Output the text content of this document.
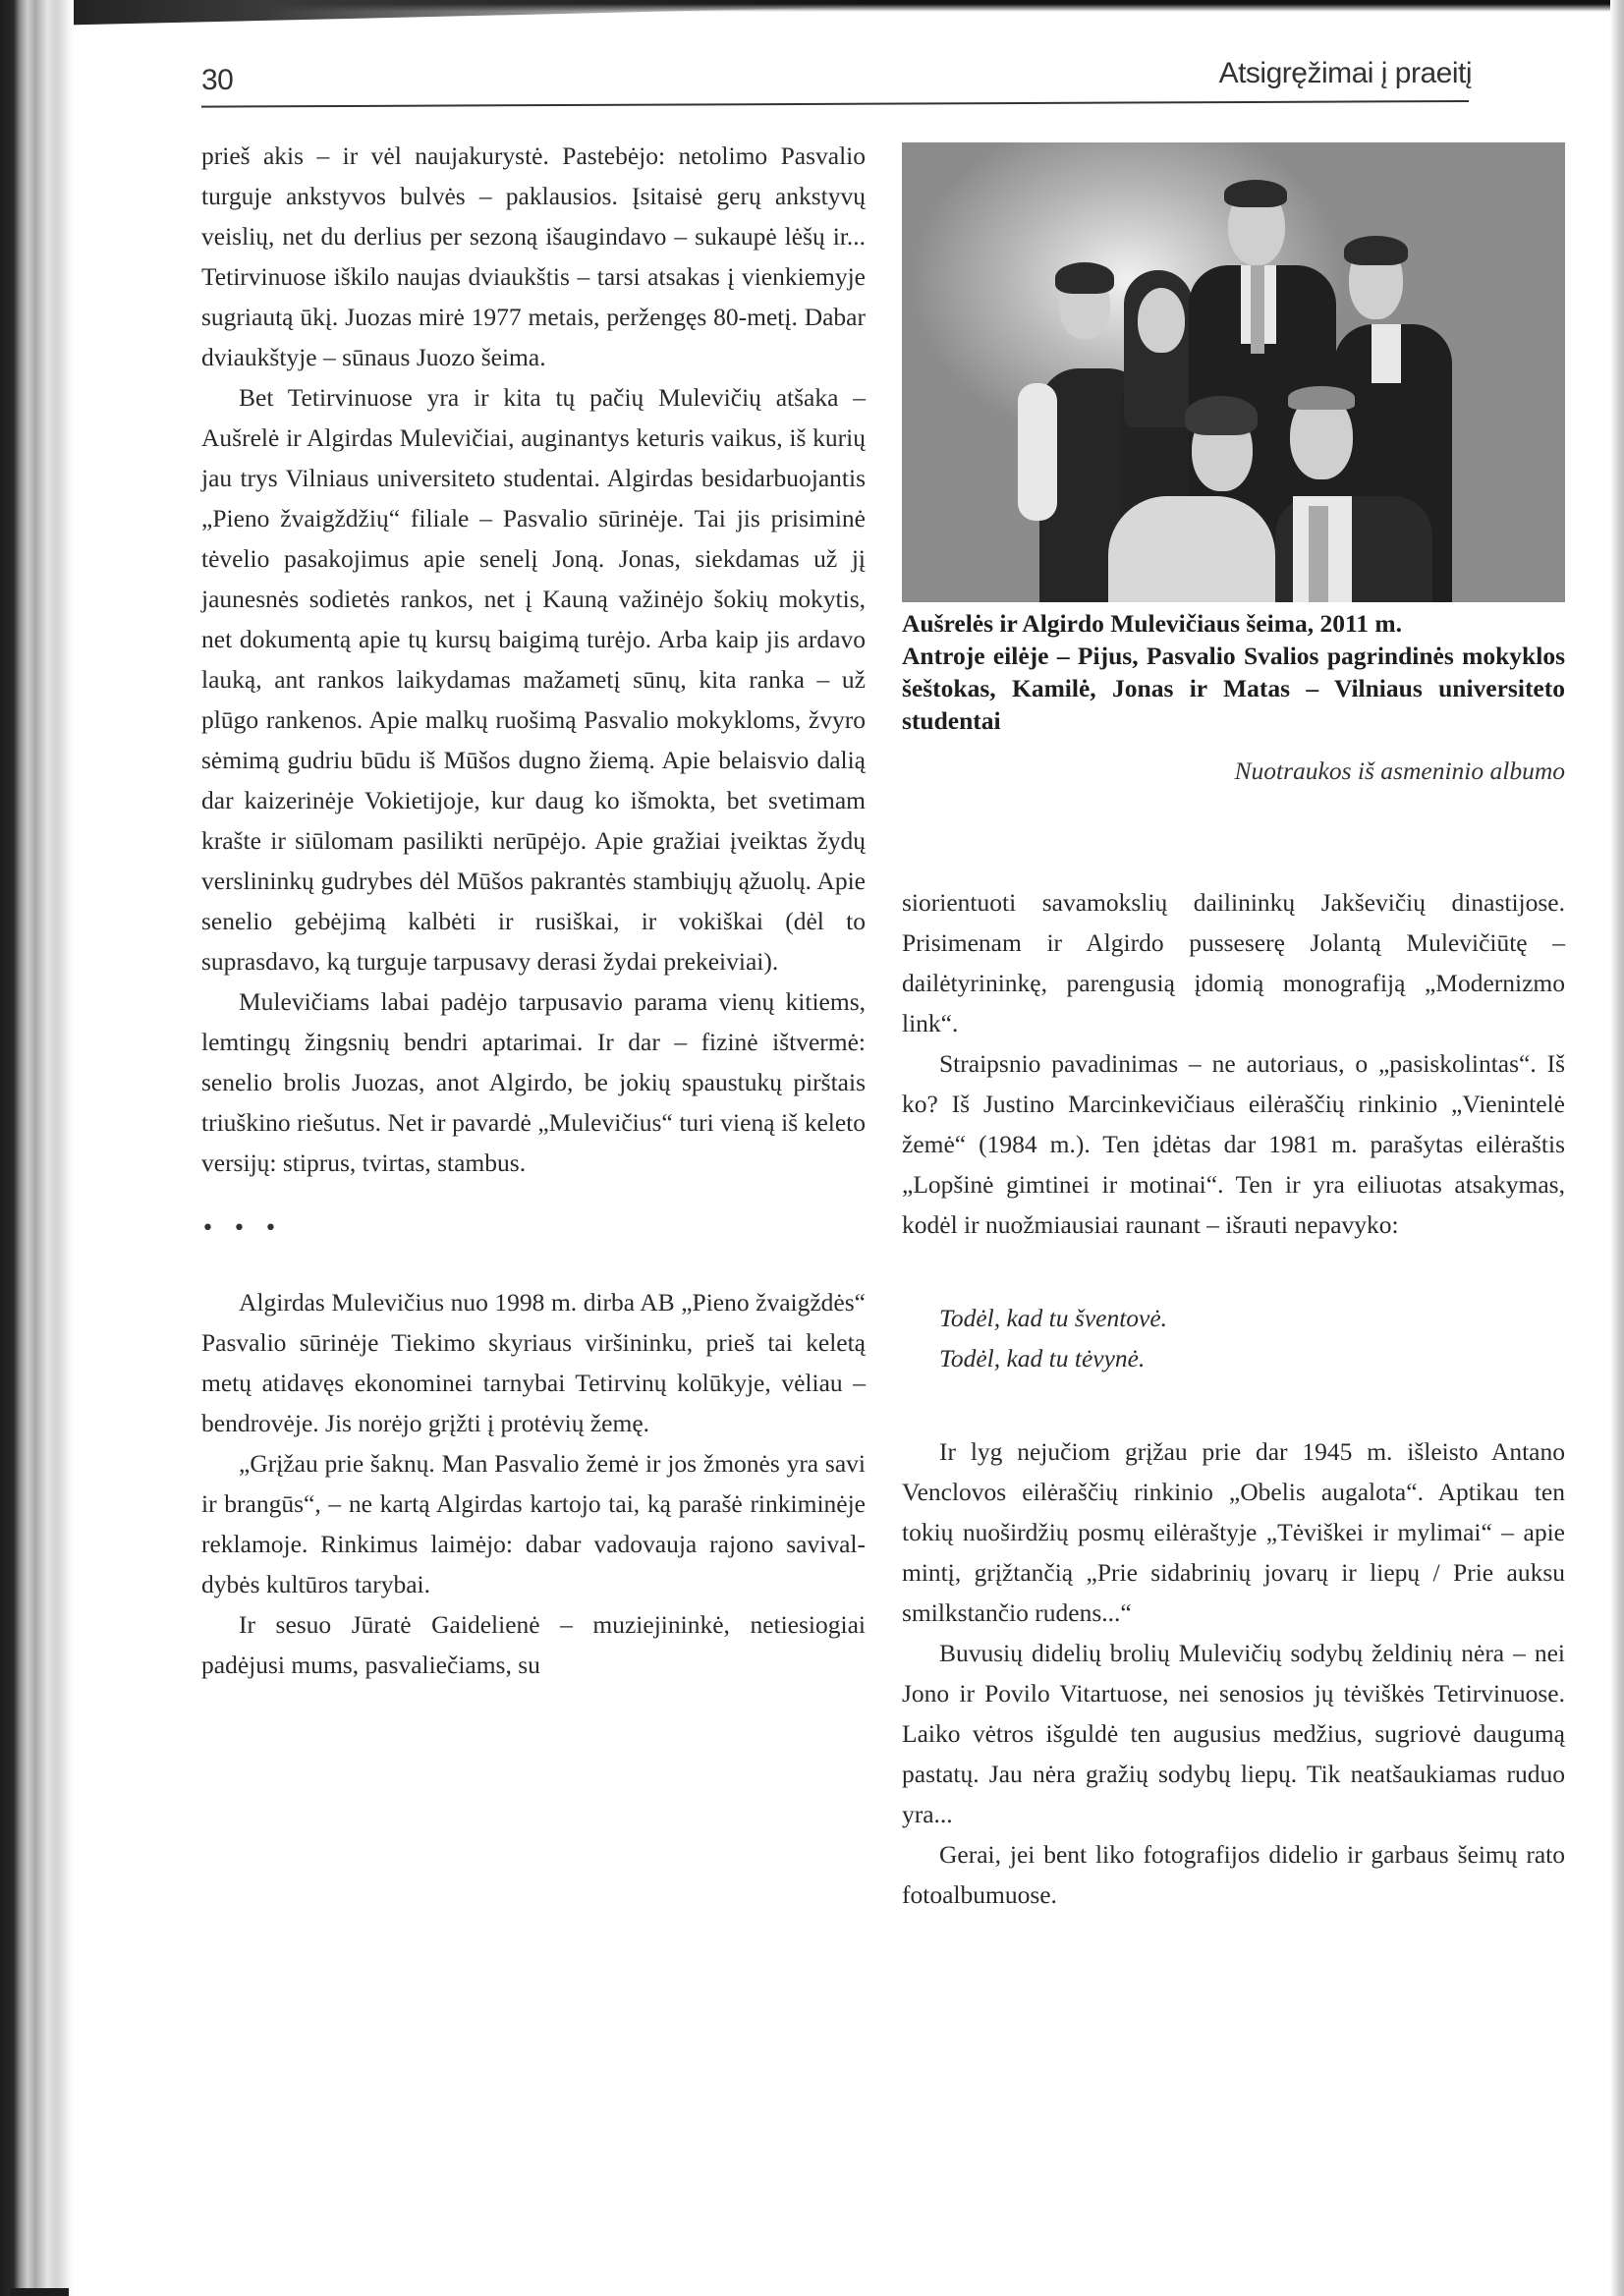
30	Atsigręžimai į praeitį

prieš akis – ir vėl naujakurystė. Pastebėjo: netolimo Pasvalio turguje ankstyvos bulvės – paklausios. Įsitaisė gerų ankstyvų veislių, net du derlius per sezoną išaugindavo – sukaupė lėšų ir... Tetirvinuose iškilo naujas dviaukštis – tarsi atsakas į vienkiemyje sugriautą ūkį. Juozas mirė 1977 metais, peržengęs 80-metį. Dabar dviaukštyje – sūnaus Juozo šeima.

Bet Tetirvinuose yra ir kita tų pačių Mulevičių atšaka – Aušrelė ir Algirdas Mulevičiai, auginantys keturis vaikus, iš kurių jau trys Vilniaus universiteto studentai. Algirdas besidarbuojantis „Pieno žvaigždžių“ filiale – Pasvalio sūrinėje. Tai jis prisiminė tėvelio pasakojimus apie senelį Joną. Jonas, siekdamas už jį jaunesnės sodietės rankos, net į Kauną važinėjo šokių mokytis, net dokumentą apie tų kursų baigimą turėjo. Arba kaip jis ardavo lauką, ant rankos laikydamas mažametį sūnų, kita ranka – už plūgo rankenos. Apie malkų ruošimą Pasvalio mokykloms, žvyro sėmimą gudriu būdu iš Mūšos dugno žiemą. Apie belaisvio dalią dar kaizerinėje Vokietijoje, kur daug ko išmokta, bet svetimam krašte ir siūlomam pasilikti nerūpėjo. Apie gražiai įveiktas žydų verslininkų gudrybes dėl Mūšos pakrantės stambiųjų ąžuolų. Apie senelio gebėjimą kalbėti ir rusiškai, ir vokiškai (dėl to suprasdavo, ką turguje tarpusavy derasi žydai prekeiviai).

Mulevičiams labai padėjo tarpusavio parama vienų kitiems, lemtingų žingsnių bendri aptarimai. Ir dar – fizinė ištvermė: senelio brolis Juozas, anot Algirdo, be jokių spaustukų pirštais triuškino riešutus. Net ir pavardė „Mulevičius“ turi vieną iš keleto versijų: stiprus, tvirtas, stambus.

• • •

Algirdas Mulevičius nuo 1998 m. dirba AB „Pieno žvaigždės“ Pasvalio sūrinėje Tiekimo skyriaus viršininku, prieš tai keletą metų atidavęs ekonominei tarnybai Tetirvinų kolūkyje, vėliau – bendrovėje. Jis norėjo grįžti į protėvių žemę.

„Grįžau prie šaknų. Man Pasvalio žemė ir jos žmonės yra savi ir brangūs“, – ne kartą Algirdas kartojo tai, ką parašė rinkiminėje reklamoje. Rinkimus laimėjo: dabar vadovauja rajono savivaldybės kultūros tarybai.

Ir sesuo Jūratė Gaidelienė – muziejininkė, netiesiogiai padėjusi mums, pasvaliečiams, su

Aušrelės ir Algirdo Mulevičiaus šeima, 2011 m.

Antroje eilėje – Pijus, Pasvalio Svalios pagrindinės mokyklos šeštokas, Kamilė, Jonas ir Matas – Vilniaus universiteto studentai

Nuotraukos iš asmeninio albumo

siorientuoti savamokslių dailininkų Jakševičių dinastijose. Prisimenam ir Algirdo pusseserę Jolantą Mulevičiūtę – dailėtyrininkę, parengusią įdomią monografiją „Modernizmo link“.

Straipsnio pavadinimas – ne autoriaus, o „pasiskolintas“. Iš ko? Iš Justino Marcinkevičiaus eilėraščių rinkinio „Vienintelė žemė“ (1984 m.). Ten įdėtas dar 1981 m. parašytas eilėraštis „Lopšinė gimtinei ir motinai“. Ten ir yra eiliuotas atsakymas, kodėl ir nuožmiausiai raunant – išrauti nepavyko:

Todėl, kad tu šventovė.
Todėl, kad tu tėvynė.

Ir lyg nejučiom grįžau prie dar 1945 m. išleisto Antano Venclovos eilėraščių rinkinio „Obelis augalota“. Aptikau ten tokių nuoširdžių posmų eilėraštyje „Tėviškei ir mylimai“ – apie mintį, grįžtančią „Prie sidabrinių jovarų ir liepų / Prie auksu smilkstančio rudens...“

Buvusių didelių brolių Mulevičių sodybų želdinių nėra – nei Jono ir Povilo Vitartuose, nei senosios jų tėviškės Tetirvinuose. Laiko vėtros išguldė ten augusius medžius, sugriovė daugumą pastatų. Jau nėra gražių sodybų liepų. Tik neatšaukiamas ruduo yra...

Gerai, jei bent liko fotografijos didelio ir garbaus šeimų rato fotoalbumuose.
